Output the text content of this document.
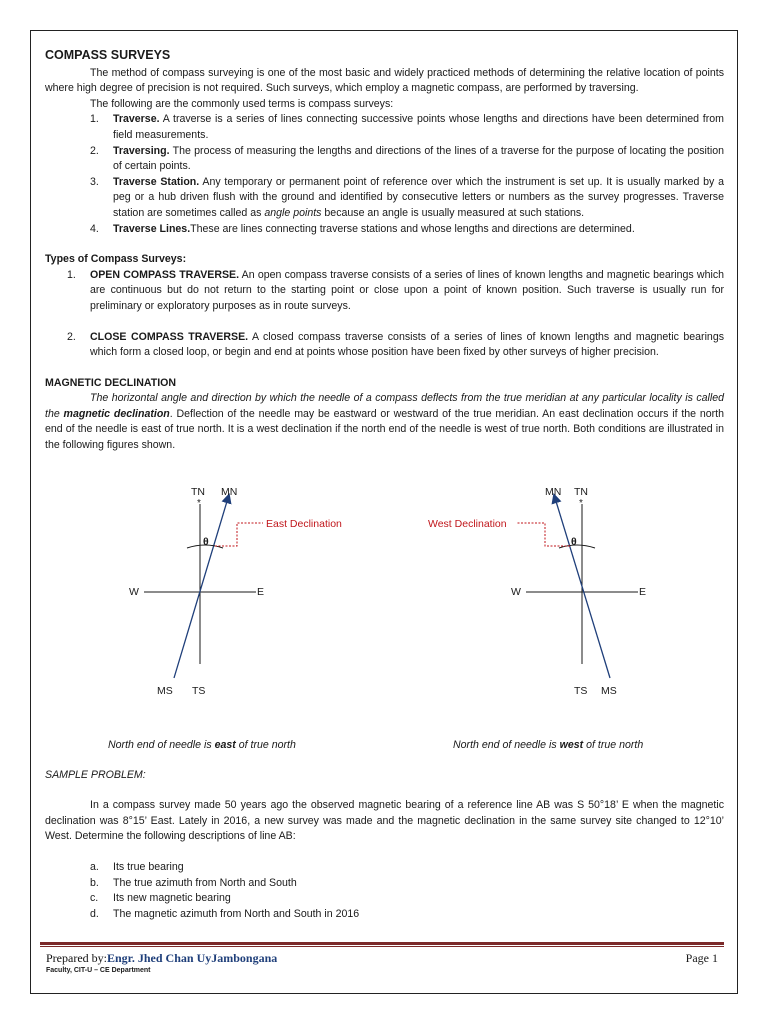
COMPASS SURVEYS

The method of compass surveying is one of the most basic and widely practiced methods of determining the relative location of points where high degree of precision is not required. Such surveys, which employ a magnetic compass, are performed by traversing.

The following are the commonly used terms is compass surveys:

1. Traverse. A traverse is a series of lines connecting successive points whose lengths and directions have been determined from field measurements.
2. Traversing. The process of measuring the lengths and directions of the lines of a traverse for the purpose of locating the position of certain points.
3. Traverse Station. Any temporary or permanent point of reference over which the instrument is set up. It is usually marked by a peg or a hub driven flush with the ground and identified by consecutive letters or numbers as the survey progresses. Traverse station are sometimes called as angle points because an angle is usually measured at such stations.
4. Traverse Lines.These are lines connecting traverse stations and whose lengths and directions are determined.
Types of Compass Surveys:
1. OPEN COMPASS TRAVERSE. An open compass traverse consists of a series of lines of known lengths and magnetic bearings which are continuous but do not return to the starting point or close upon a point of known position. Such traverse is usually run for preliminary or exploratory purposes as in route surveys.
2. CLOSE COMPASS TRAVERSE. A closed compass traverse consists of a series of lines of known lengths and magnetic bearings which form a closed loop, or begin and end at points whose position have been fixed by other surveys of higher precision.
MAGNETIC DECLINATION

The horizontal angle and direction by which the needle of a compass deflects from the true meridian at any particular locality is called the magnetic declination. Deflection of the needle may be eastward or westward of the true meridian. An east declination occurs if the north end of the needle is east of true north. It is a west declination if the north end of the needle is west of true north. Both conditions are illustrated in the following figures shown.

TN
*
MN
θ
W	E
MS TS
East Declination
MN TN
*
θ
W	E
TS MS
West Declination
North end of needle is east of true north	North end of needle is west of true north
SAMPLE PROBLEM:

In a compass survey made 50 years ago the observed magnetic bearing of a reference line AB was S 50°18’ E when the magnetic declination was 8°15’ East. Lately in 2016, a new survey was made and the magnetic declination in the same survey site changed to 12°10’ West. Determine the following descriptions of line AB:

a. Its true bearing
b. The true azimuth from North and South
c. Its new magnetic bearing
d. The magnetic azimuth from North and South in 2016
Prepared by:Engr. Jhed Chan UyJambongana
Faculty, CIT-U – CE Department
Page 1
